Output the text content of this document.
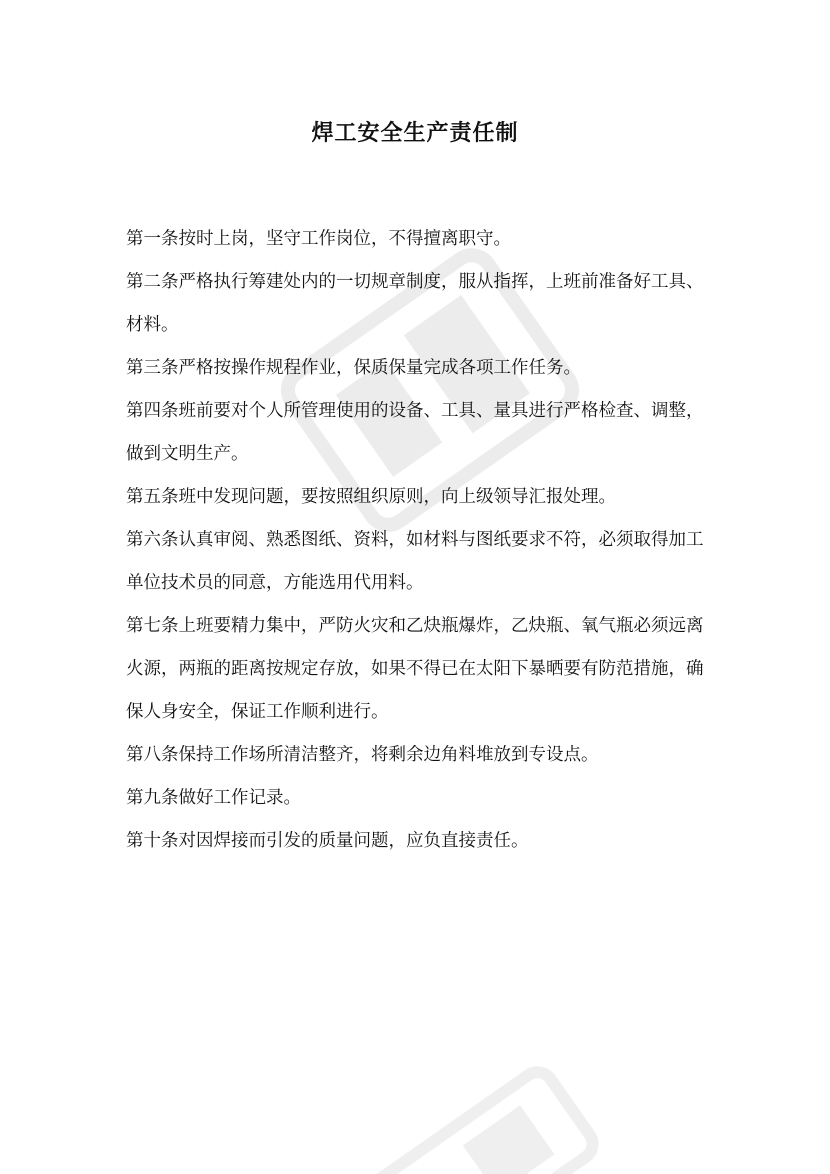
焊工安全生产责任制

第一条按时上岗，坚守工作岗位，不得擅离职守。

第二条严格执行筹建处内的一切规章制度，服从指挥，上班前准备好工具、材料。

第三条严格按操作规程作业，保质保量完成各项工作任务。

第四条班前要对个人所管理使用的设备、工具、量具进行严格检查、调整，做到文明生产。

第五条班中发现问题，要按照组织原则，向上级领导汇报处理。

第六条认真审阅、熟悉图纸、资料，如材料与图纸要求不符，必须取得加工单位技术员的同意，方能选用代用料。

第七条上班要精力集中，严防火灾和乙炔瓶爆炸，乙炔瓶、氧气瓶必须远离火源，两瓶的距离按规定存放，如果不得已在太阳下暴晒要有防范措施，确保人身安全，保证工作顺利进行。

第八条保持工作场所清洁整齐，将剩余边角料堆放到专设点。

第九条做好工作记录。

第十条对因焊接而引发的质量问题，应负直接责任。
